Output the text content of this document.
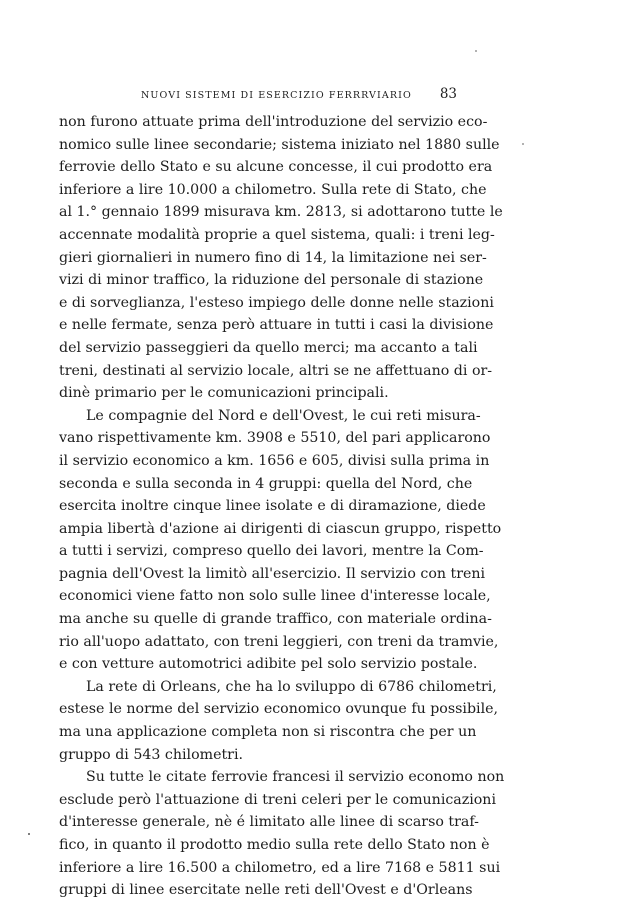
NUOVI SISTEMI DI ESERCIZIO FERRRVIARIO 83
non furono attuate prima dell'introduzione del servizio eco-
nomico sulle linee secondarie; sistema iniziato nel 1880 sulle
ferrovie dello Stato e su alcune concesse, il cui prodotto era
inferiore a lire 10.000 a chilometro. Sulla rete di Stato, che
al 1.° gennaio 1899 misurava km. 2813, si adottarono tutte le
accennate modalità proprie a quel sistema, quali: i treni leg-
gieri giornalieri in numero fino di 14, la limitazione nei ser-
vizi di minor traffico, la riduzione del personale di stazione
e di sorveglianza, l'esteso impiego delle donne nelle stazioni
e nelle fermate, senza però attuare in tutti i casi la divisione
del servizio passeggieri da quello merci; ma accanto a tali
treni, destinati al servizio locale, altri se ne affettuano di or-
dinè primario per le comunicazioni principali.
Le compagnie del Nord e dell'Ovest, le cui reti misura-
vano rispettivamente km. 3908 e 5510, del pari applicarono
il servizio economico a km. 1656 e 605, divisi sulla prima in
seconda e sulla seconda in 4 gruppi: quella del Nord, che
esercita inoltre cinque linee isolate e di diramazione, diede
ampia libertà d'azione ai dirigenti di ciascun gruppo, rispetto
a tutti i servizi, compreso quello dei lavori, mentre la Com-
pagnia dell'Ovest la limitò all'esercizio. Il servizio con treni
economici viene fatto non solo sulle linee d'interesse locale,
ma anche su quelle di grande traffico, con materiale ordina-
rio all'uopo adattato, con treni leggieri, con treni da tramvie,
e con vetture automotrici adibite pel solo servizio postale.
La rete di Orleans, che ha lo sviluppo di 6786 chilometri,
estese le norme del servizio economico ovunque fu possibile,
ma una applicazione completa non si riscontra che per un
gruppo di 543 chilometri.
Su tutte le citate ferrovie francesi il servizio economo non
esclude però l'attuazione di treni celeri per le comunicazioni
d'interesse generale, nè é limitato alle linee di scarso traf-
fico, in quanto il prodotto medio sulla rete dello Stato non è
inferiore a lire 16.500 a chilometro, ed a lire 7168 e 5811 sui
gruppi di linee esercitate nelle reti dell'Ovest e d'Orleans
